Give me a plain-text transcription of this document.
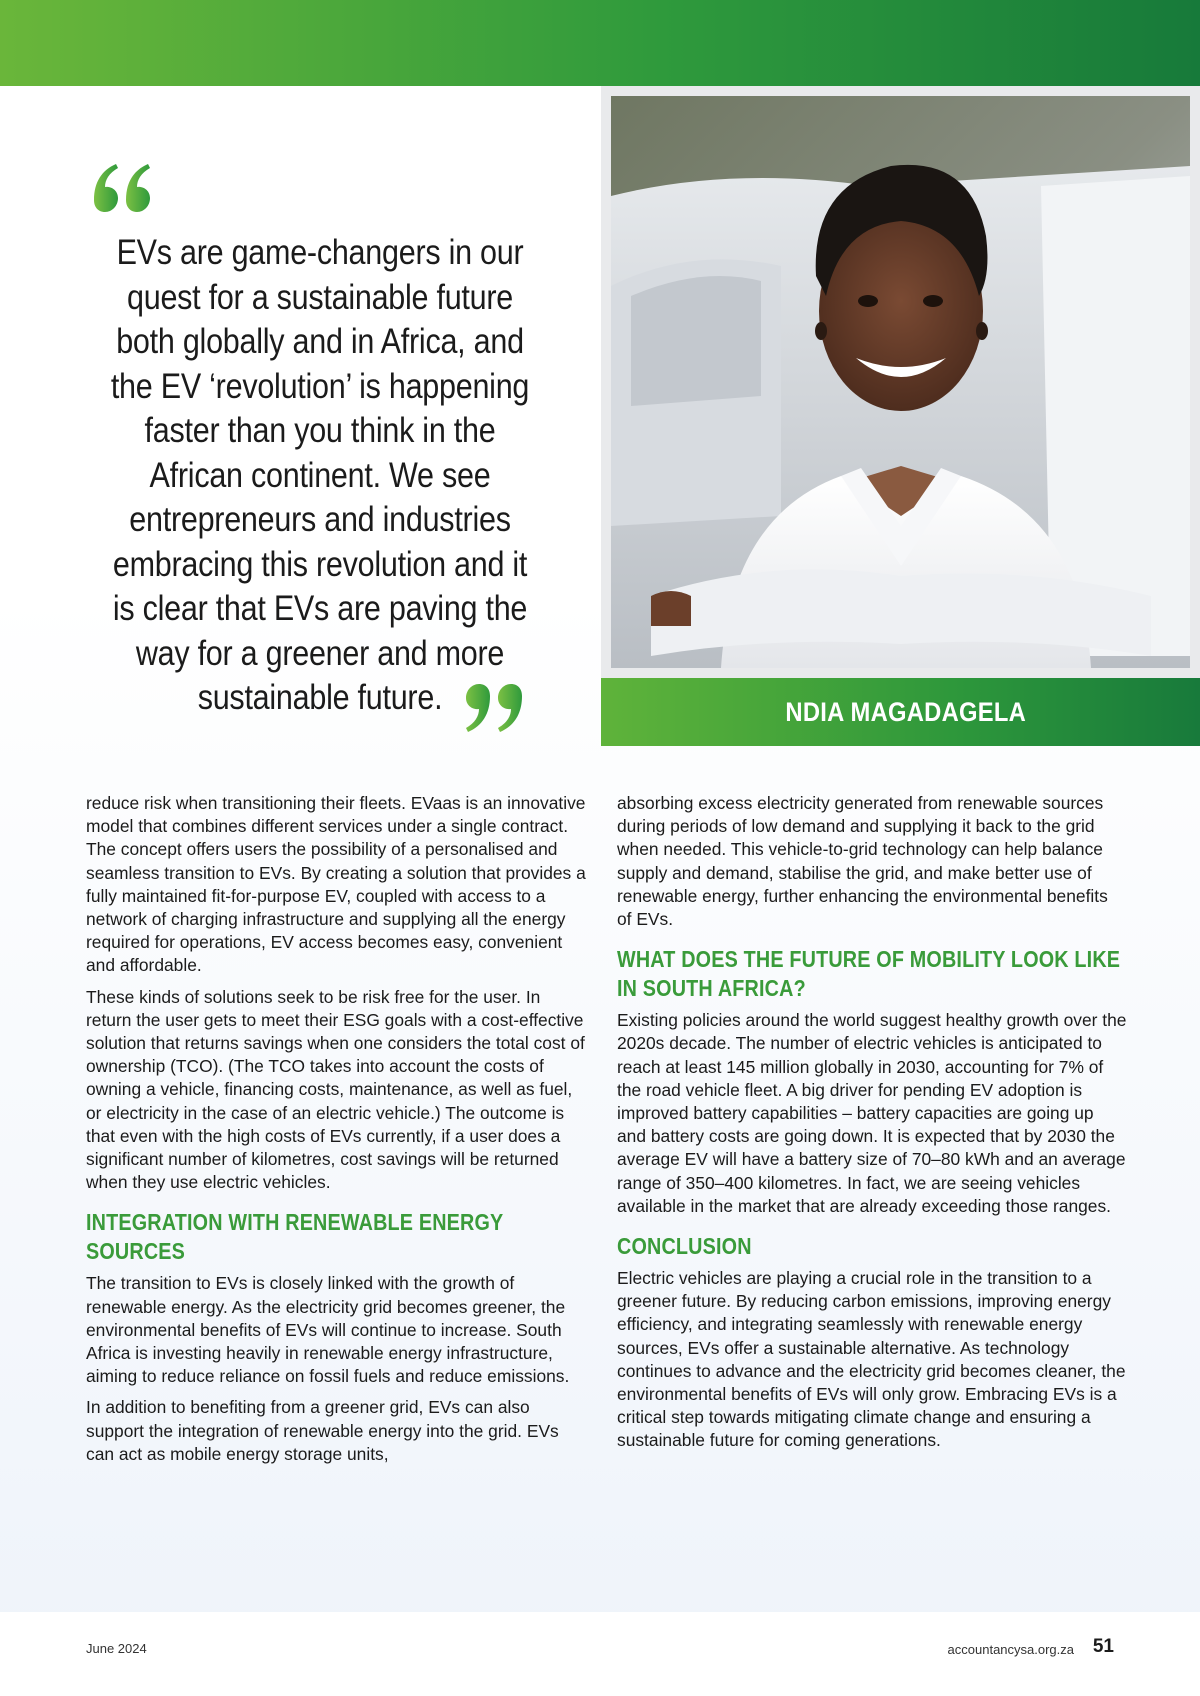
EVs are game-changers in our quest for a sustainable future both globally and in Africa, and the EV ‘revolution’ is happening faster than you think in the African continent. We see entrepreneurs and industries embracing this revolution and it is clear that EVs are paving the way for a greener and more sustainable future.	NDIA MAGADAGELA

reduce risk when transitioning their fleets. EVaas is an innovative model that combines different services under a single contract. The concept offers users the possibility of a personalised and seamless transition to EVs. By creating a solution that provides a fully maintained fit-for-purpose EV, coupled with access to a network of charging infrastructure and supplying all the energy required for operations, EV access becomes easy, convenient and affordable.

These kinds of solutions seek to be risk free for the user. In return the user gets to meet their ESG goals with a cost-effective solution that returns savings when one considers the total cost of ownership (TCO). (The TCO takes into account the costs of owning a vehicle, financing costs, maintenance, as well as fuel, or electricity in the case of an electric vehicle.) The outcome is that even with the high costs of EVs currently, if a user does a significant number of kilometres, cost savings will be returned when they use electric vehicles.

INTEGRATION WITH RENEWABLE ENERGY SOURCES

The transition to EVs is closely linked with the growth of renewable energy. As the electricity grid becomes greener, the environmental benefits of EVs will continue to increase. South Africa is investing heavily in renewable energy infrastructure, aiming to reduce reliance on fossil fuels and reduce emissions.

In addition to benefiting from a greener grid, EVs can also support the integration of renewable energy into the grid. EVs can act as mobile energy storage units,

absorbing excess electricity generated from renewable sources during periods of low demand and supplying it back to the grid when needed. This vehicle-to-grid technology can help balance supply and demand, stabilise the grid, and make better use of renewable energy, further enhancing the environmental benefits of EVs.

WHAT DOES THE FUTURE OF MOBILITY LOOK LIKE IN SOUTH AFRICA?

Existing policies around the world suggest healthy growth over the 2020s decade. The number of electric vehicles is anticipated to reach at least 145 million globally in 2030, accounting for 7% of the road vehicle fleet. A big driver for pending EV adoption is improved battery capabilities – battery capacities are going up and battery costs are going down. It is expected that by 2030 the average EV will have a battery size of 70–80 kWh and an average range of 350–400 kilometres. In fact, we are seeing vehicles available in the market that are already exceeding those ranges.

CONCLUSION

Electric vehicles are playing a crucial role in the transition to a greener future. By reducing carbon emissions, improving energy efficiency, and integrating seamlessly with renewable energy sources, EVs offer a sustainable alternative. As technology continues to advance and the electricity grid becomes cleaner, the environmental benefits of EVs will only grow. Embracing EVs is a critical step towards mitigating climate change and ensuring a sustainable future for coming generations.

June 2024	accountancysa.org.za 51
